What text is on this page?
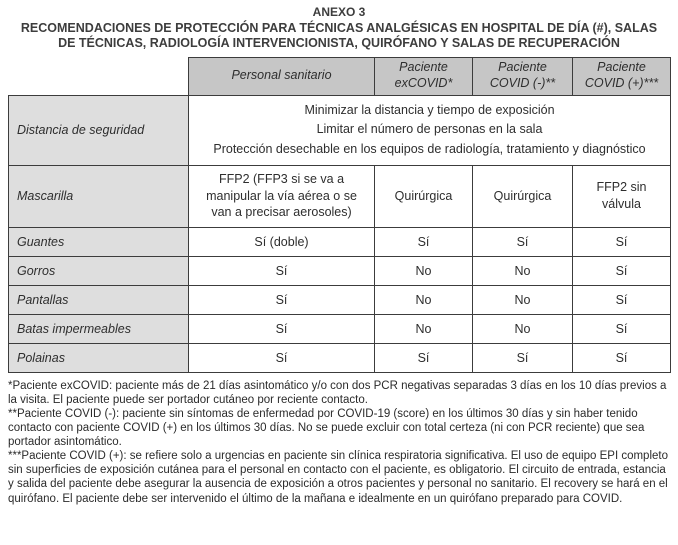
ANEXO 3
RECOMENDACIONES DE PROTECCIÓN PARA TÉCNICAS ANALGÉSICAS EN HOSPITAL DE DÍA (#), SALAS DE TÉCNICAS, RADIOLOGÍA INTERVENCIONISTA, QUIRÓFANO Y SALAS DE RECUPERACIÓN
	Personal sanitario	Paciente exCOVID*	Paciente COVID (-)**	Paciente COVID (+)***
Distancia de seguridad	Minimizar la distancia y tiempo de exposición
Limitar el número de personas en la sala
Protección desechable en los equipos de radiología, tratamiento y diagnóstico			

Mascarilla	FFP2 (FFP3 si se va a manipular la vía aérea o se van a precisar aerosoles)	Quirúrgica	Quirúrgica	FFP2 sin válvula
Guantes	Sí (doble)	Sí	Sí	Sí
Gorros	Sí	No	No	Sí
Pantallas	Sí	No	No	Sí
Batas impermeables	Sí	No	No	Sí
Polainas	Sí	Sí	Sí	Sí

*Paciente exCOVID: paciente más de 21 días asintomático y/o con dos PCR negativas separadas 3 días en los 10 días previos a la visita. El paciente puede ser portador cutáneo por reciente contacto.

**Paciente COVID (-): paciente sin síntomas de enfermedad por COVID-19 (score) en los últimos 30 días y sin haber tenido contacto con paciente COVID (+) en los últimos 30 días. No se puede excluir con total certeza (ni con PCR reciente) que sea portador asintomático.

***Paciente COVID (+): se refiere solo a urgencias en paciente sin clínica respiratoria significativa. El uso de equipo EPI completo sin superficies de exposición cutánea para el personal en contacto con el paciente, es obligatorio. El circuito de entrada, estancia y salida del paciente debe asegurar la ausencia de exposición a otros pacientes y personal no sanitario. El recovery se hará en el quirófano. El paciente debe ser intervenido el último de la mañana e idealmente en un quirófano preparado para COVID.
